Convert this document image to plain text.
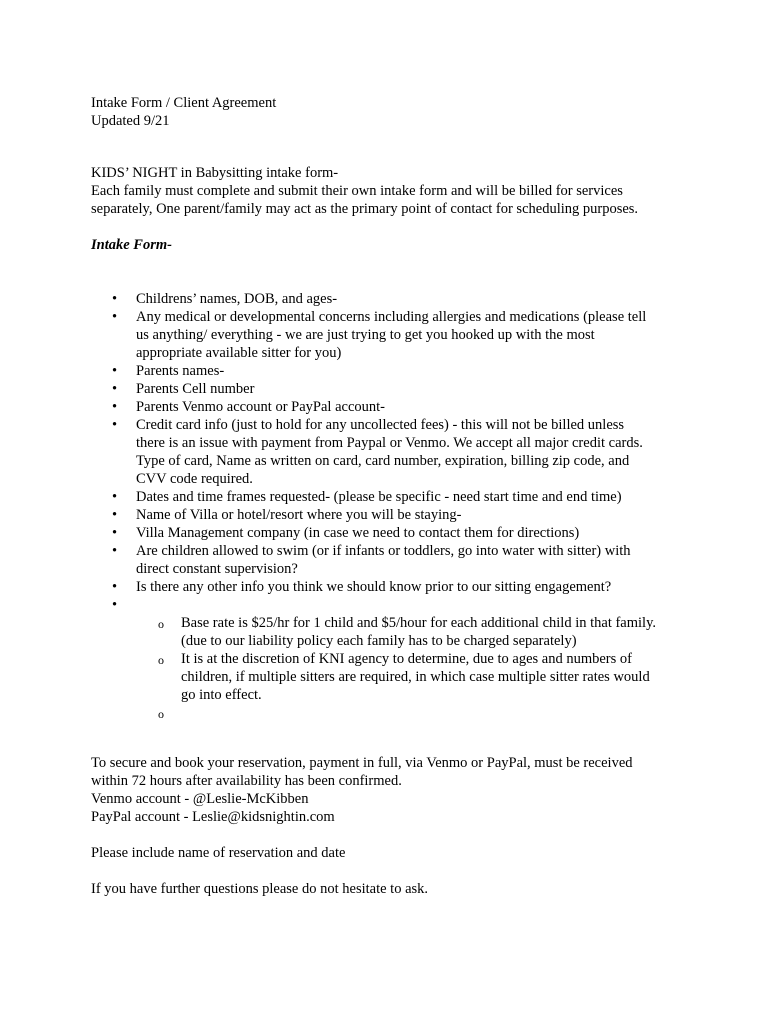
Intake Form / Client Agreement

Updated 9/21

KIDS’ NIGHT in Babysitting intake form-

Each family must complete and submit their own intake form and will be billed for services

separately, One parent/family may act as the primary point of contact for scheduling purposes.

Intake Form-

• Childrens’ names, DOB, and ages-
• Any medical or developmental concerns including allergies and medications (please tell
us anything/ everything - we are just trying to get you hooked up with the most
appropriate available sitter for you)
• Parents names-
• Parents Cell number
• Parents Venmo account or PayPal account-
• Credit card info (just to hold for any uncollected fees) - this will not be billed unless
there is an issue with payment from Paypal or Venmo. We accept all major credit cards.
Type of card, Name as written on card, card number, expiration, billing zip code, and
CVV code required.
• Dates and time frames requested- (please be specific - need start time and end time)
• Name of Villa or hotel/resort where you will be staying-
• Villa Management company (in case we need to contact them for directions)
• Are children allowed to swim (or if infants or toddlers, go into water with sitter) with
direct constant supervision?
• Is there any other info you think we should know prior to our sitting engagement?
•

o Base rate is $25/hr for 1 child and $5/hour for each additional child in that family.
(due to our liability policy each family has to be charged separately)
o It is at the discretion of KNI agency to determine, due to ages and numbers of
children, if multiple sitters are required, in which case multiple sitter rates would
go into effect.
o

To secure and book your reservation, payment in full, via Venmo or PayPal, must be received

within 72 hours after availability has been confirmed.

Venmo account - @Leslie-McKibben

PayPal account - Leslie@kidsnightin.com

Please include name of reservation and date

If you have further questions please do not hesitate to ask.
